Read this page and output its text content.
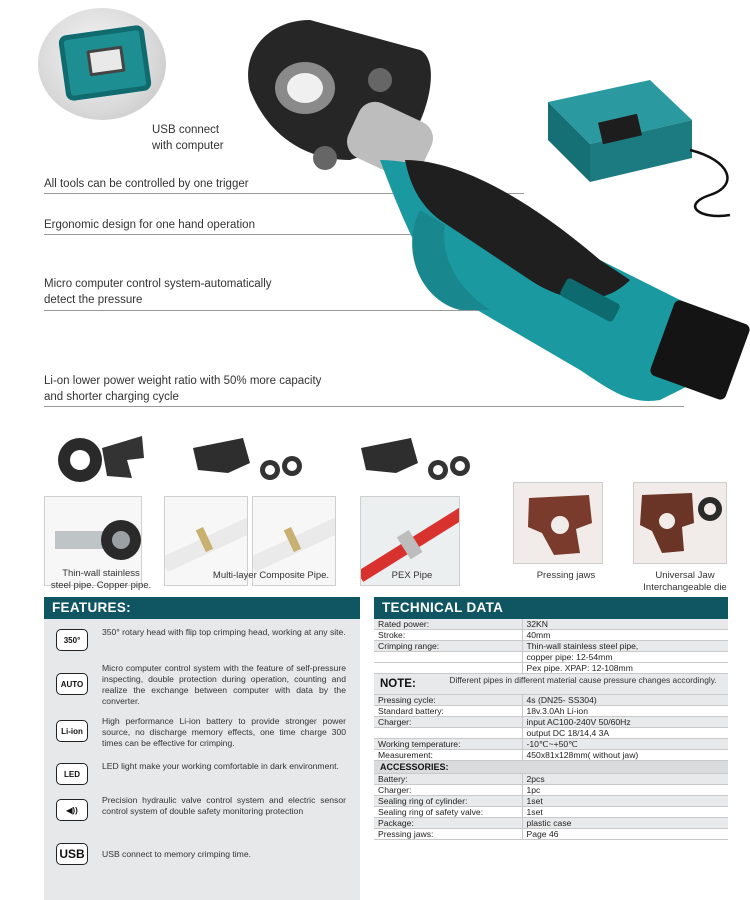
USB connect
with computer
All tools can be controlled by one trigger
Ergonomic design for one hand operation
Micro computer control system-automatically
detect the pressure
Li-on lower power weight ratio with 50% more capacity
and shorter charging cycle
Thin-wall stainless
steel pipe. Copper pipe.
Multi-layer Composite Pipe.	PEX Pipe	Pressing jaws	Universal Jaw
Interchangeable die
FEATURES:
350°
350° rotary head with flip top crimping head, working at any site.
AUTO
Micro computer control system with the feature of self-pressure inspecting, double protection during operation, counting and realize the exchange between computer with data by the converter.
Li-ion
High performance Li-ion battery to provide stronger power source, no discharge memory effects, one time charge 300 times can be effective for crimping.
LED
LED light make your working comfortable in dark environment.
◀))
Precision hydraulic valve control system and electric sensor control system of double safety monitoring protection
USB	USB connect to memory crimping time.
TECHNICAL DATA
Rated power:	32KN
Stroke:	40mm
Crimping range:	Thin-wall stainless steel pipe,
	copper pipe: 12-54mm
	Pex pipe. XPAP: 12-108mm
NOTE:	Different pipes in different material cause pressure changes accordingly.
Pressing cycle:	4s (DN25- SS304)
Standard battery:	18v.3.0Ah Li-ion
Charger:	input AC100-240V 50/60Hz
	output DC 18/14,4 3A
Working temperature:	-10℃~+50℃
Measurement:	450x81x128mm( without jaw)
ACCESSORIES:
Battery:	2pcs
Charger:	1pc
Sealing ring of cylinder:	1set
Sealing ring of safety valve:	1set
Package:	plastic case
Pressing jaws:	Page 46
